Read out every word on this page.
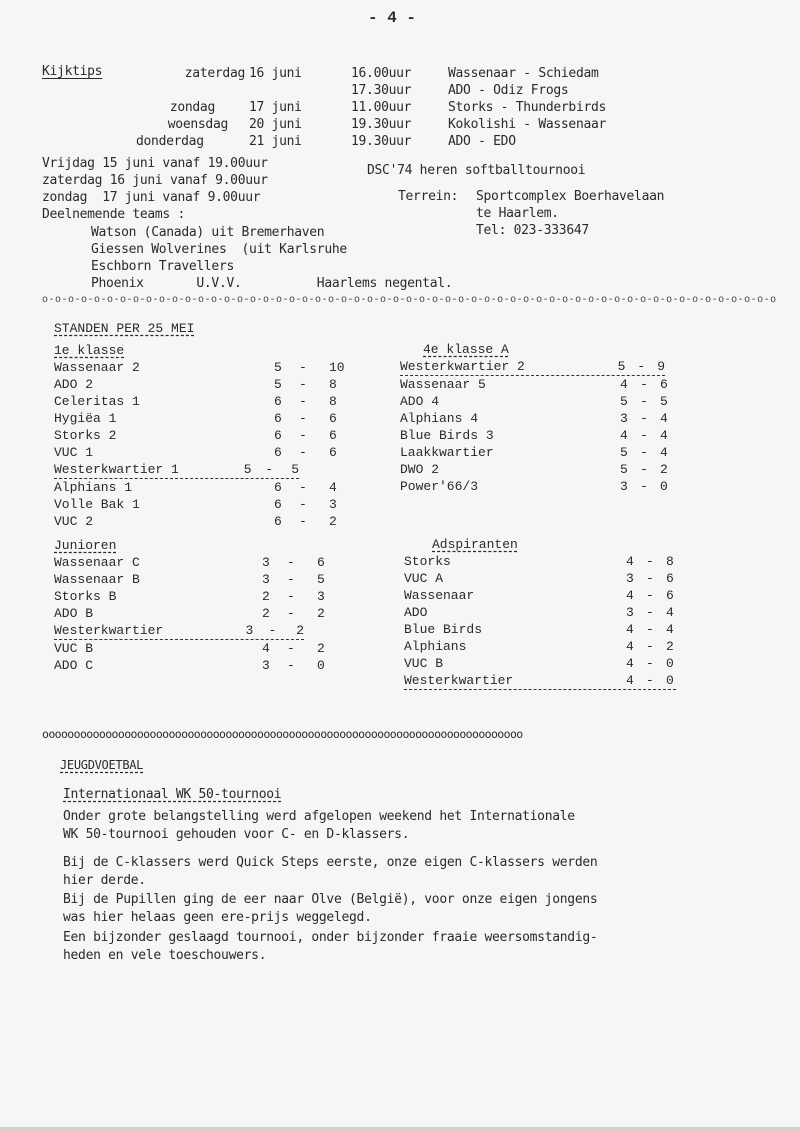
- 4 -
Kijktips	zaterdag 16 juni	16.00uur	Wassenaar - Schiedam
17.30uur	ADO - Odiz Frogs
zondag	17 juni	11.00uur	Storks - Thunderbirds
woensdag 20 juni	19.30uur	Kokolishi - Wassenaar
donderdag	21 juni	19.30uur	ADO - EDO
Vrijdag 15 juni vanaf 19.00uur
zaterdag 16 juni vanaf 9.00uur
zondag  17 juni vanaf 9.00uur
Deelnemende teams :
Watson (Canada) uit Bremerhaven
Giessen Wolverines  (uit Karlsruhe
Eschborn Travellers
Phoenix       U.V.V.          Haarlems negental.
DSC'74 heren softballtournooi
Terrein: Sportcomplex Boerhavelaan
te Haarlem.
Tel: 023-333647
o-o-o-o-o-o-o-o-o-o-o-o-o-o-o-o-o-o-o-o-o-o-o-o-o-o-o-o-o-o-o-o-o-o-o-o-o-o-o-o-o-o-o-o-o-o-o-o-o-o-o-o-o-o-o-o-o
STANDEN PER 25 MEI
1e klasse
Wassenaar 2	5	-	10
ADO 2	5	-	8
Celeritas 1	6	-	8
Hygiëa 1	6	-	6
Storks 2	6	-	6
VUC 1	6	-	6
Westerkwartier 1	5	-	5
Alphians 1	6	-	4
Volle Bak 1	6	-	3
VUC 2	6	-	2
4e klasse A
Westerkwartier 2	5 - 9
Wassenaar 5	4 - 6
ADO 4	5 - 5
Alphians 4	3 - 4
Blue Birds 3	4 - 4
Laakkwartier	5 - 4
DWO 2	5 - 2
Power'66/3	3 - 0
Junioren
Wassenaar C	3	-	6
Wassenaar B	3	-	5
Storks B	2	-	3
ADO B	2	-	2
Westerkwartier	3	-	2
VUC B	4	-	2
ADO C	3	-	0
Adspiranten
Storks	4 - 8
VUC A	3 - 6
Wassenaar	4 - 6
ADO	3 - 4
Blue Birds	4 - 4
Alphians	4 - 2
VUC B	4 - 0
Westerkwartier	4 - 0
oooooooooooooooooooooooooooooooooooooooooooooooooooooooooooooooooooooooooooo
JEUGDVOETBAL
Internationaal WK 50-tournooi
Onder grote belangstelling werd afgelopen weekend het Internationale
WK 50-tournooi gehouden voor C- en D-klassers.
Bij de C-klassers werd Quick Steps eerste, onze eigen C-klassers werden
hier derde.
Bij de Pupillen ging de eer naar Olve (België), voor onze eigen jongens
was hier helaas geen ere-prijs weggelegd.
Een bijzonder geslaagd tournooi, onder bijzonder fraaie weersomstandig-
heden en vele toeschouwers.
